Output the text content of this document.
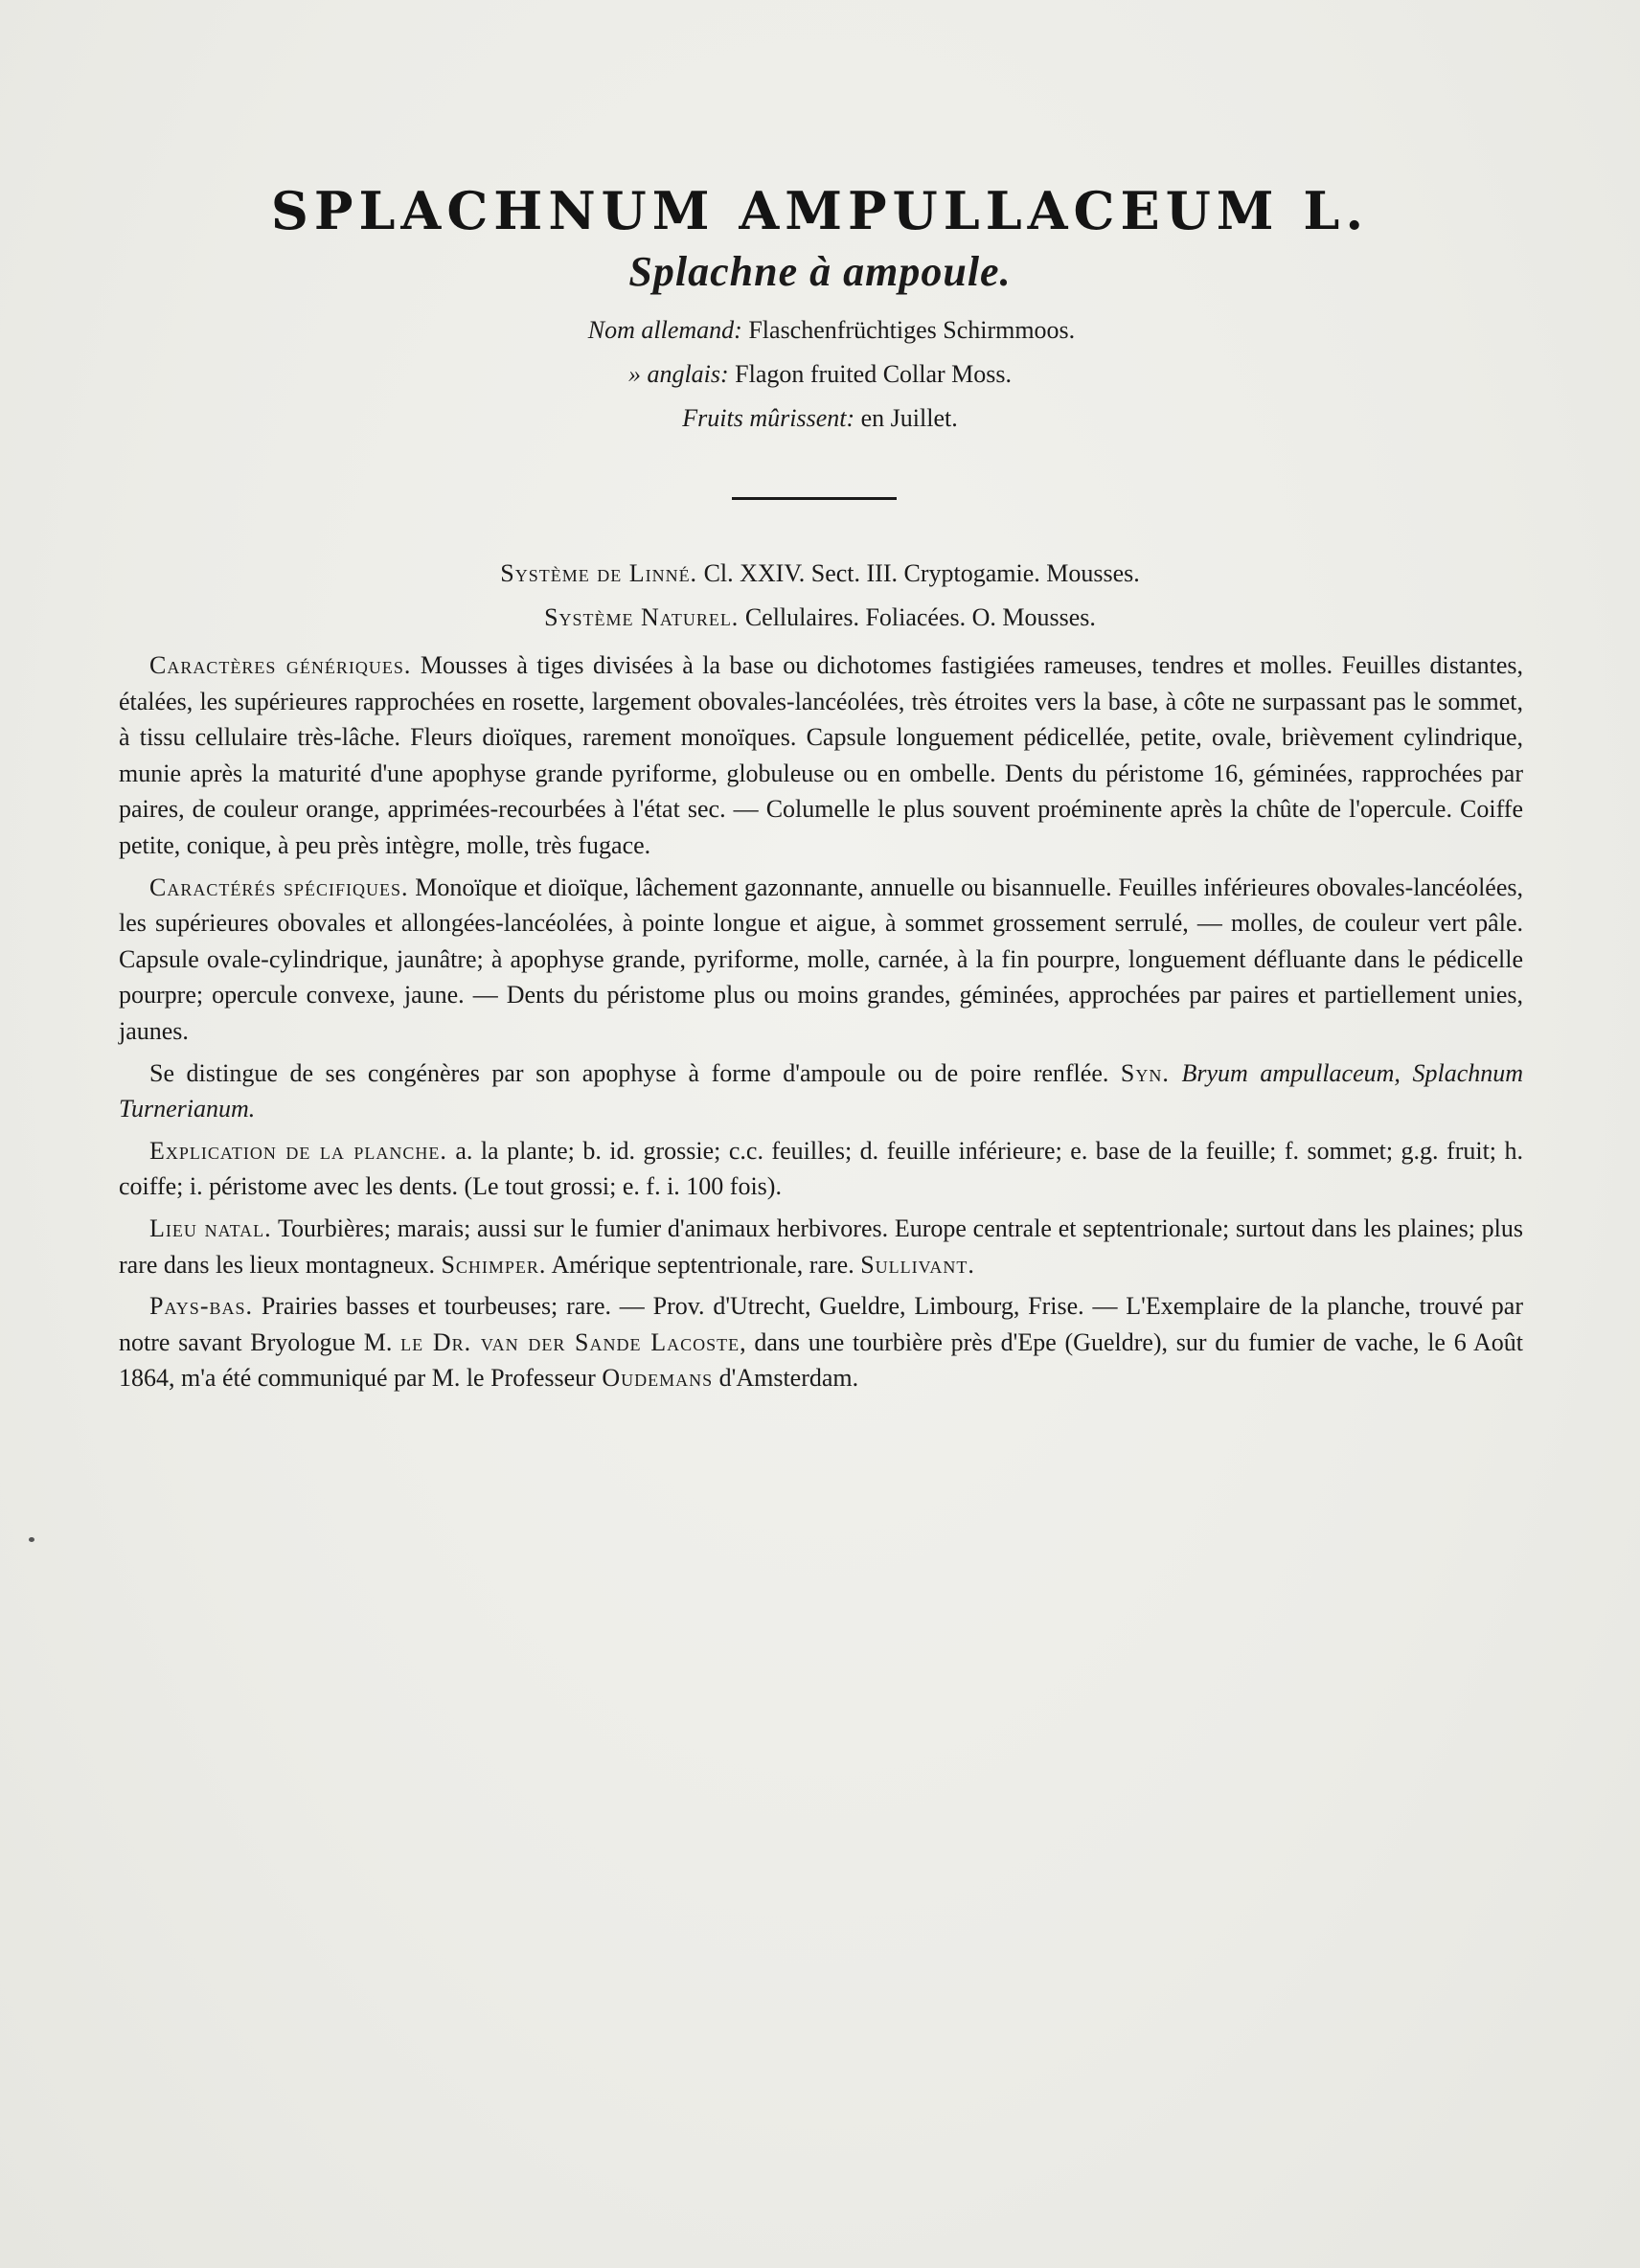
SPLACHNUM AMPULLACEUM L.
Splachne à ampoule.
Nom allemand: Flaschenfrüchtiges Schirmmoos.
» anglais: Flagon fruited Collar Moss.
Fruits mûrissent: en Juillet.
Système de Linné. Cl. XXIV. Sect. III. Cryptogamie. Mousses.
Système Naturel. Cellulaires. Foliacées. O. Mousses.

Caractères génériques. Mousses à tiges divisées à la base ou dichotomes fastigiées rameuses, tendres et molles. Feuilles distantes, étalées, les supérieures rapprochées en rosette, largement obovales-lancéolées, très étroites vers la base, à côte ne surpassant pas le sommet, à tissu cellulaire très-lâche. Fleurs dioïques, rarement monoïques. Capsule longuement pédicellée, petite, ovale, brièvement cylindrique, munie après la maturité d'une apophyse grande pyriforme, globuleuse ou en ombelle. Dents du péristome 16, géminées, rapprochées par paires, de couleur orange, apprimées-recourbées à l'état sec. — Columelle le plus souvent proéminente après la chûte de l'opercule. Coiffe petite, conique, à peu près intègre, molle, très fugace.

Caractérés spécifiques. Monoïque et dioïque, lâchement gazonnante, annuelle ou bisannuelle. Feuilles inférieures obovales-lancéolées, les supérieures obovales et allongées-lancéolées, à pointe longue et aigue, à sommet grossement serrulé, — molles, de couleur vert pâle. Capsule ovale-cylindrique, jaunâtre; à apophyse grande, pyriforme, molle, carnée, à la fin pourpre, longuement défluante dans le pédicelle pourpre; opercule convexe, jaune. — Dents du péristome plus ou moins grandes, géminées, approchées par paires et partiellement unies, jaunes.

Se distingue de ses congénères par son apophyse à forme d'ampoule ou de poire renflée. Syn. Bryum ampullaceum, Splachnum Turnerianum.

Explication de la planche. a. la plante; b. id. grossie; c.c. feuilles; d. feuille inférieure; e. base de la feuille; f. sommet; g.g. fruit; h. coiffe; i. péristome avec les dents. (Le tout grossi; e. f. i. 100 fois).

Lieu natal. Tourbières; marais; aussi sur le fumier d'animaux herbivores. Europe centrale et septentrionale; surtout dans les plaines; plus rare dans les lieux montagneux. Schimper. Amérique septentrionale, rare. Sullivant.

Pays-bas. Prairies basses et tourbeuses; rare. — Prov. d'Utrecht, Gueldre, Limbourg, Frise. — L'Exemplaire de la planche, trouvé par notre savant Bryologue M. le Dr. van der Sande Lacoste, dans une tourbière près d'Epe (Gueldre), sur du fumier de vache, le 6 Août 1864, m'a été communiqué par M. le Professeur Oudemans d'Amsterdam.
